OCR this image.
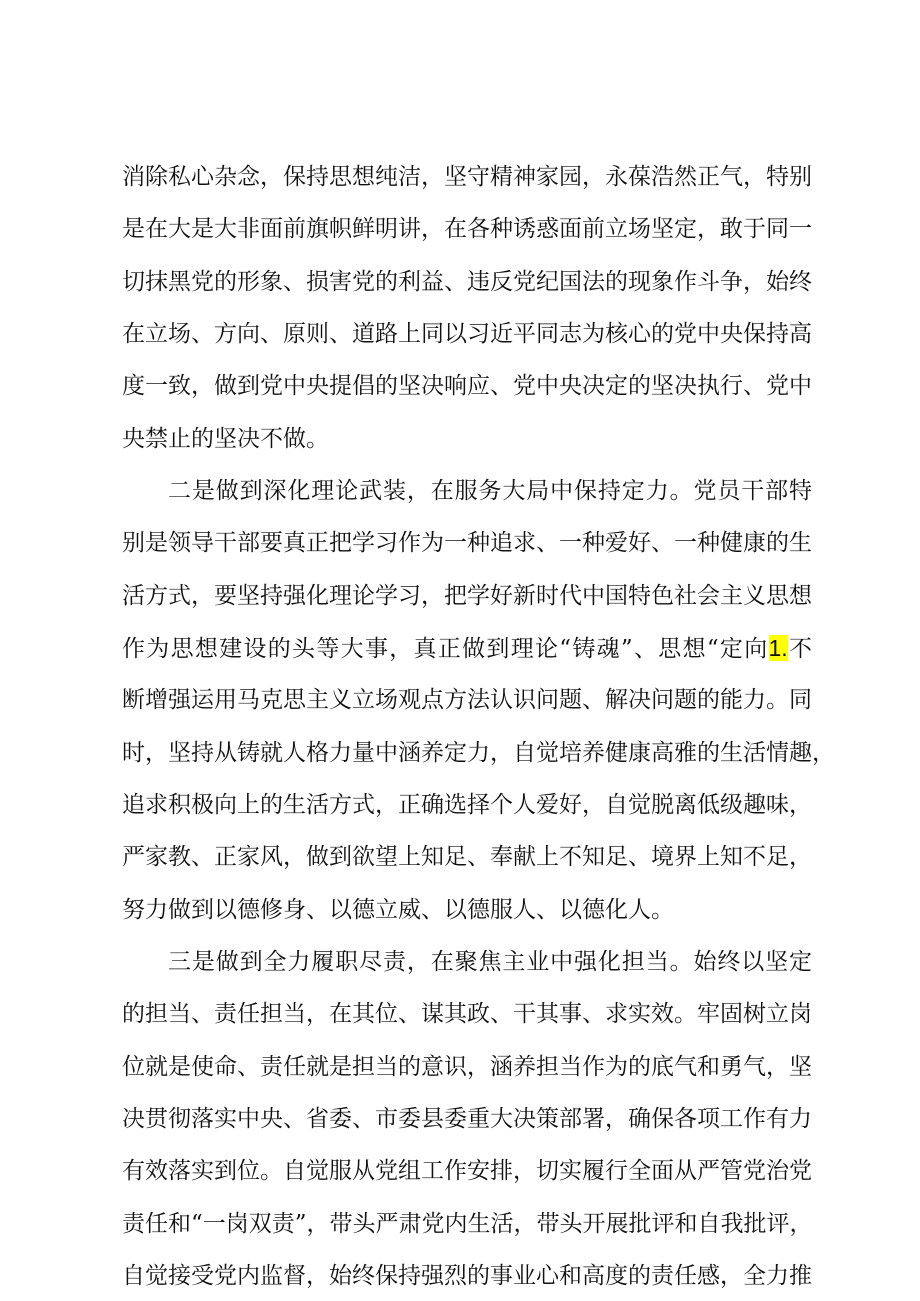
消除私心杂念，保持思想纯洁，坚守精神家园，永葆浩然正气，特别
是在大是大非面前旗帜鲜明讲，在各种诱惑面前立场坚定，敢于同一
切抹黑党的形象、损害党的利益、违反党纪国法的现象作斗争，始终
在立场、方向、原则、道路上同以习近平同志为核心的党中央保持高
度一致，做到党中央提倡的坚决响应、党中央决定的坚决执行、党中
央禁止的坚决不做。
二是做到深化理论武装，在服务大局中保持定力。党员干部特
别是领导干部要真正把学习作为一种追求、一种爱好、一种健康的生
活方式，要坚持强化理论学习，把学好新时代中国特色社会主义思想
作为思想建设的头等大事，真正做到理论“铸魂”、思想“定向1.不
断增强运用马克思主义立场观点方法认识问题、解决问题的能力。同
时，坚持从铸就人格力量中涵养定力，自觉培养健康高雅的生活情趣，
追求积极向上的生活方式，正确选择个人爱好，自觉脱离低级趣味，
严家教、正家风，做到欲望上知足、奉献上不知足、境界上知不足，
努力做到以德修身、以德立威、以德服人、以德化人。
三是做到全力履职尽责，在聚焦主业中强化担当。始终以坚定
的担当、责任担当，在其位、谋其政、干其事、求实效。牢固树立岗
位就是使命、责任就是担当的意识，涵养担当作为的底气和勇气，坚
决贯彻落实中央、省委、市委县委重大决策部署，确保各项工作有力
有效落实到位。自觉服从党组工作安排，切实履行全面从严管党治党
责任和“一岗双责”，带头严肃党内生活，带头开展批评和自我批评，
自觉接受党内监督，始终保持强烈的事业心和高度的责任感，全力推
